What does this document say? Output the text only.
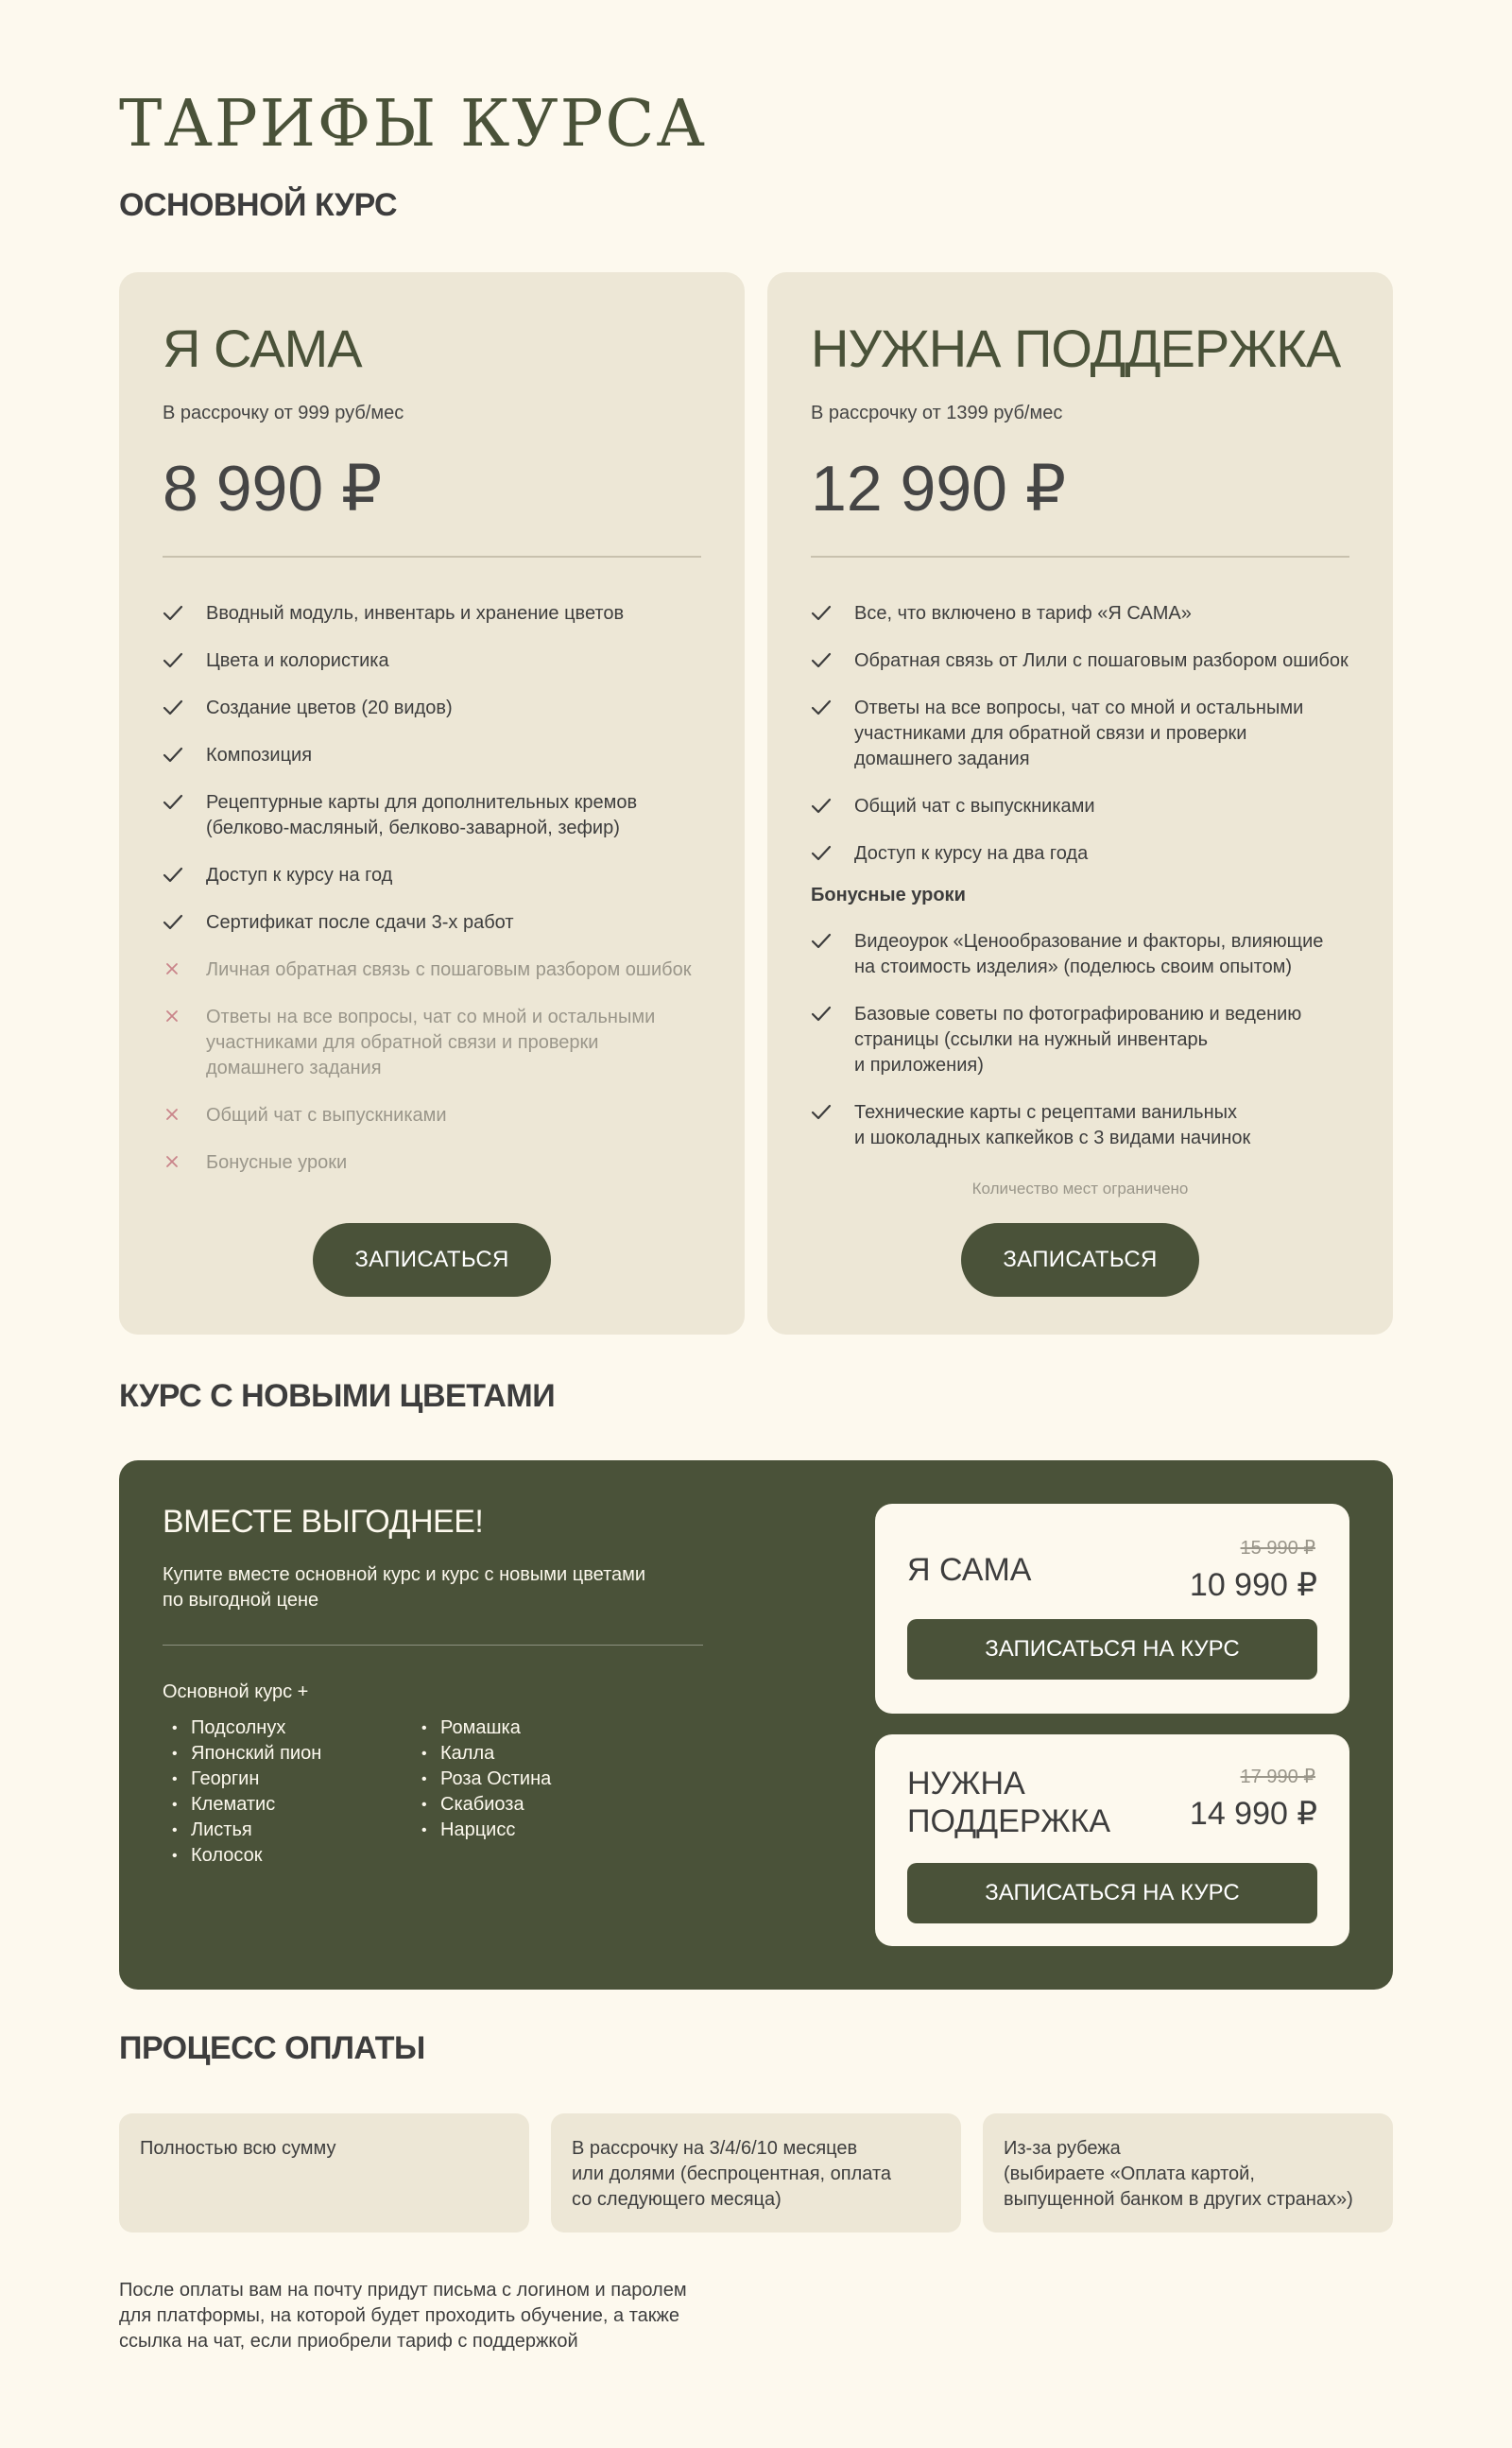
ТАРИФЫ КУРСА
ОСНОВНОЙ КУРС
Я САМА
В рассрочку от 999 руб/мес
8 990 ₽
Вводный модуль, инвентарь и хранение цветов
Цвета и колористика
Создание цветов (20 видов)
Композиция
Рецептурные карты для дополнительных кремов
(белково-масляный, белково-заварной, зефир)
Доступ к курсу на год
Сертификат после сдачи 3-х работ
Личная обратная связь с пошаговым разбором ошибок
Ответы на все вопросы, чат со мной и остальными
участниками для обратной связи и проверки
домашнего задания
Общий чат с выпускниками
Бонусные уроки
ЗАПИСАТЬСЯ
НУЖНА ПОДДЕРЖКА
В рассрочку от 1399 руб/мес
12 990 ₽
Все, что включено в тариф «Я САМА»
Обратная связь от Лили с пошаговым разбором ошибок
Ответы на все вопросы, чат со мной и остальными
участниками для обратной связи и проверки
домашнего задания
Общий чат с выпускниками
Доступ к курсу на два года
Бонусные уроки
Видеоурок «Ценообразование и факторы, влияющие
на стоимость изделия» (поделюсь своим опытом)
Базовые советы по фотографированию и ведению
страницы (ссылки на нужный инвентарь
и приложения)
Технические карты с рецептами ванильных
и шоколадных капкейков с 3 видами начинок
Количество мест ограничено
ЗАПИСАТЬСЯ
КУРС С НОВЫМИ ЦВЕТАМИ
ВМЕСТЕ ВЫГОДНЕЕ!
Купите вместе основной курс и курс с новыми цветами
по выгодной цене
Основной курс +
• Подсолнух
• Японский пион
• Георгин
• Клематис
• Листья
• Колосок
• Ромашка
• Калла
• Роза Остина
• Скабиоза
• Нарцисс
Я САМА
15 990 ₽
10 990 ₽
ЗАПИСАТЬСЯ НА КУРС
НУЖНА
ПОДДЕРЖКА
17 990 ₽
14 990 ₽
ЗАПИСАТЬСЯ НА КУРС
ПРОЦЕСС ОПЛАТЫ
Полностью всю сумму	В рассрочку на 3/4/6/10 месяцев
или долями (беспроцентная, оплата
со следующего месяца)
Из-за рубежа
(выбираете «Оплата картой,
выпущенной банком в других странах»)
После оплаты вам на почту придут письма с логином и паролем
для платформы, на которой будет проходить обучение, а также
ссылка на чат, если приобрели тариф с поддержкой
